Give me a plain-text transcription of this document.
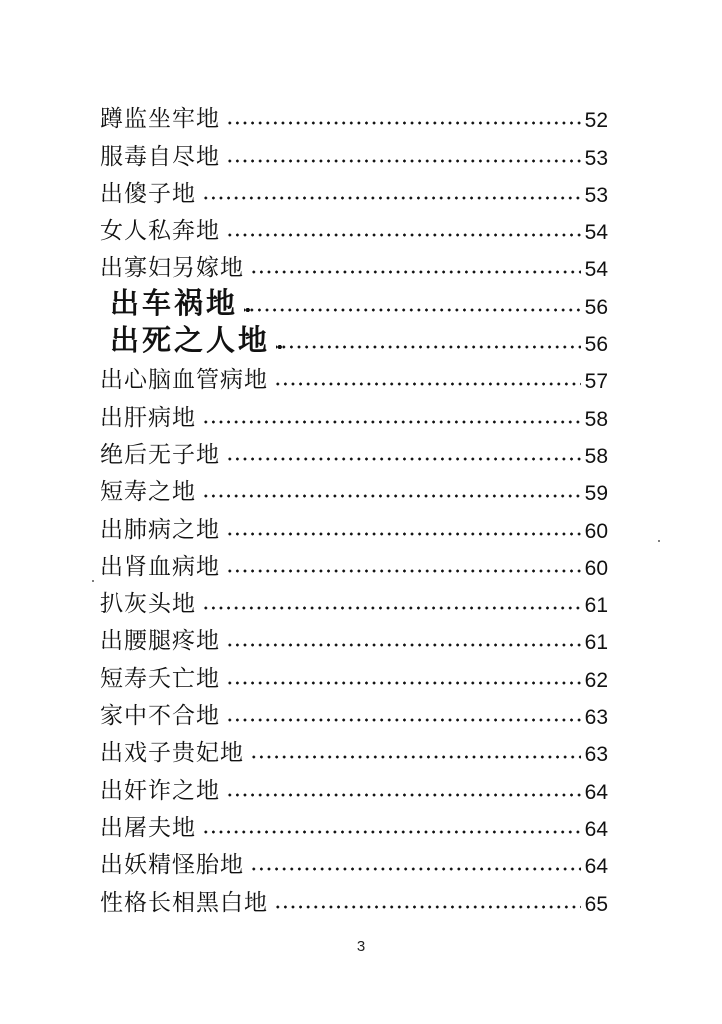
蹲监坐牢地	52
服毒自尽地	53
出傻子地	53
女人私奔地	54
出寡妇另嫁地	54
出车祸地	56
出死之人地	56
出心脑血管病地	57
出肝病地	58
绝后无子地	58
短寿之地	59
出肺病之地	60
出肾血病地	60
扒灰头地	61
出腰腿疼地	61
短寿夭亡地	62
家中不合地	63
出戏子贵妃地	63
出奸诈之地	64
出屠夫地	64
出妖精怪胎地	64
性格长相黑白地	65
3
